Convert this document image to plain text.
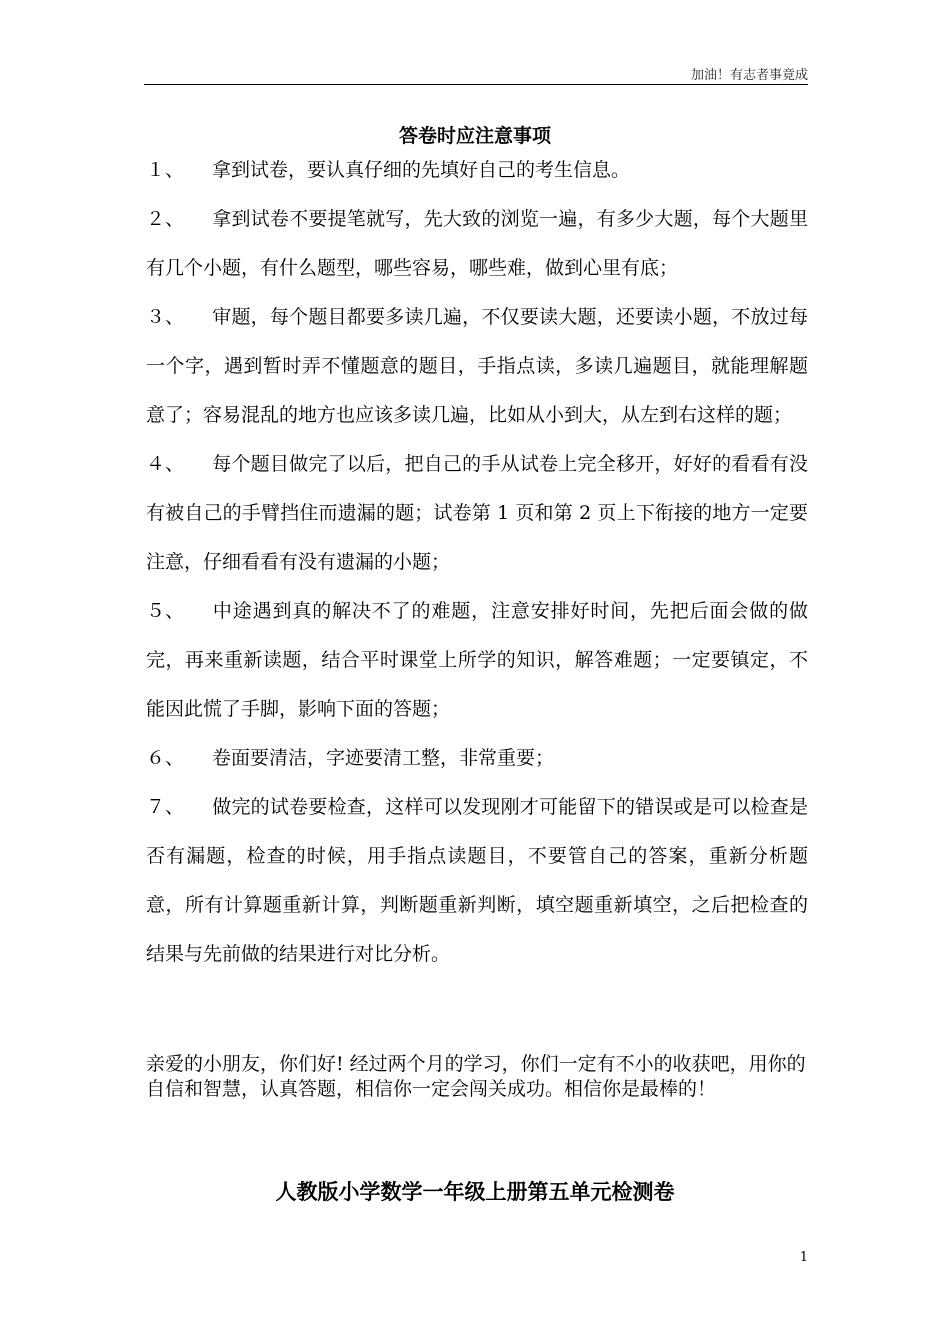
加油！有志者事竟成
答卷时应注意事项

１、 拿到试卷，要认真仔细的先填好自己的考生信息。

２、 拿到试卷不要提笔就写，先大致的浏览一遍，有多少大题，每个大题里有几个小题，有什么题型，哪些容易，哪些难，做到心里有底；

３、 审题，每个题目都要多读几遍，不仅要读大题，还要读小题，不放过每一个字，遇到暂时弄不懂题意的题目，手指点读，多读几遍题目，就能理解题意了；容易混乱的地方也应该多读几遍，比如从小到大，从左到右这样的题；

４、 每个题目做完了以后，把自己的手从试卷上完全移开，好好的看看有没有被自己的手臂挡住而遗漏的题；试卷第 1 页和第 2 页上下衔接的地方一定要注意，仔细看看有没有遗漏的小题；

５、 中途遇到真的解决不了的难题，注意安排好时间，先把后面会做的做完，再来重新读题，结合平时课堂上所学的知识，解答难题；一定要镇定，不能因此慌了手脚，影响下面的答题；

６、 卷面要清洁，字迹要清工整，非常重要；

７、 做完的试卷要检查，这样可以发现刚才可能留下的错误或是可以检查是否有漏题，检查的时候，用手指点读题目，不要管自己的答案，重新分析题意，所有计算题重新计算，判断题重新判断，填空题重新填空，之后把检查的结果与先前做的结果进行对比分析。

亲爱的小朋友，你们好! 经过两个月的学习，你们一定有不小的收获吧，用你的自信和智慧，认真答题，相信你一定会闯关成功。相信你是最棒的！

人教版小学数学一年级上册第五单元检测卷
1
